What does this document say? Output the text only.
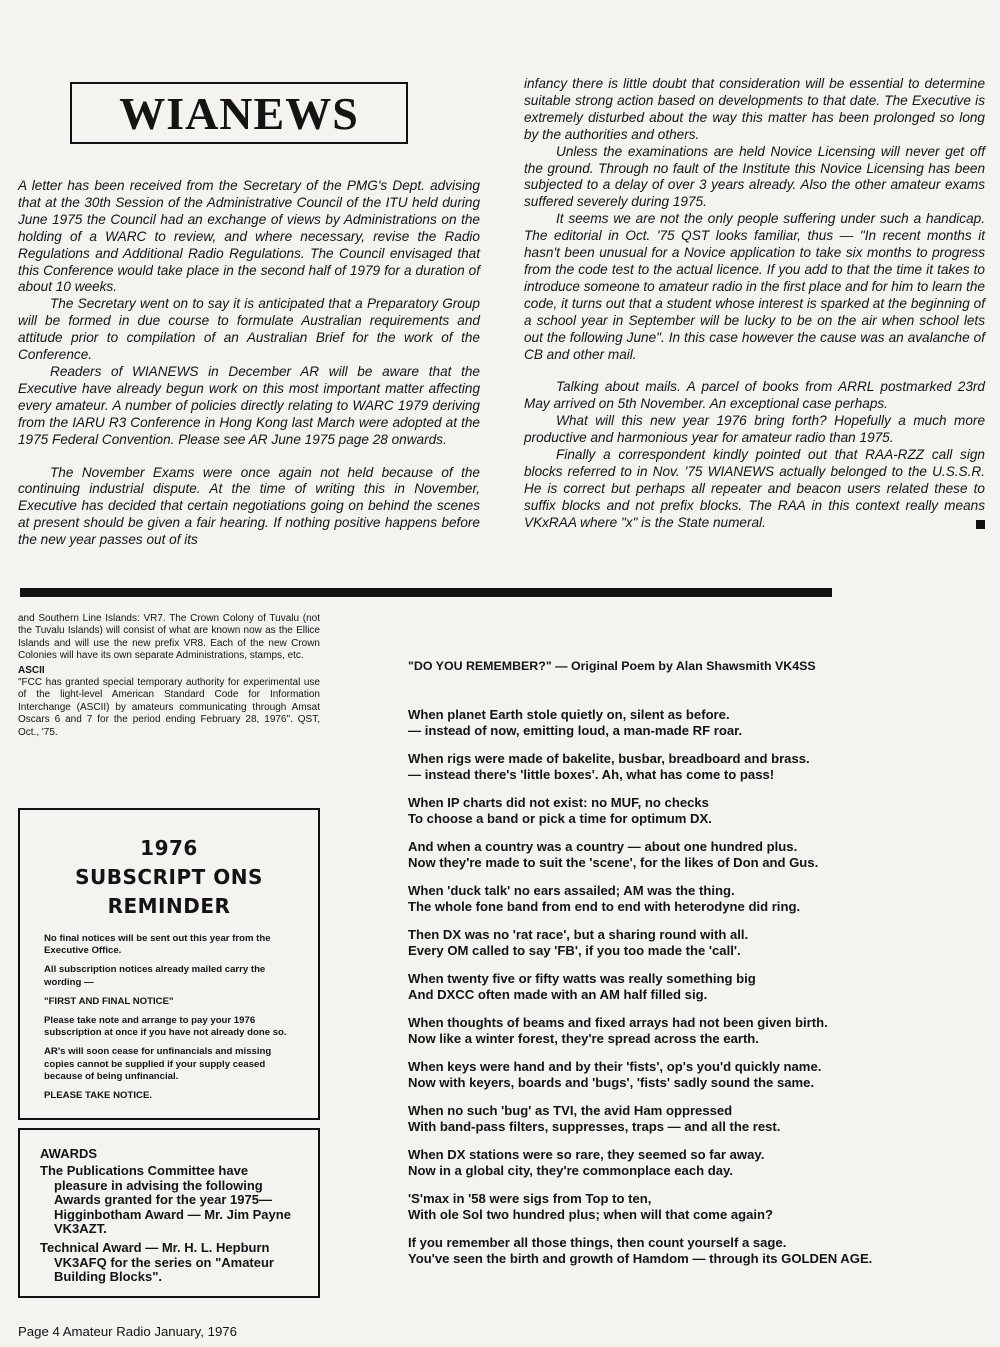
WIANEWS

A letter has been received from the Secretary of the PMG's Dept. advising that at the 30th Session of the Administrative Council of the ITU held during June 1975 the Council had an exchange of views by Administrations on the holding of a WARC to review, and where necessary, revise the Radio Regulations and Additional Radio Regulations. The Council envisaged that this Conference would take place in the second half of 1979 for a duration of about 10 weeks.

The Secretary went on to say it is anticipated that a Preparatory Group will be formed in due course to formulate Australian requirements and attitude prior to compilation of an Australian Brief for the work of the Conference.

Readers of WIANEWS in December AR will be aware that the Executive have already begun work on this most important matter affecting every amateur. A number of policies directly relating to WARC 1979 deriving from the IARU R3 Conference in Hong Kong last March were adopted at the 1975 Federal Convention. Please see AR June 1975 page 28 onwards.

The November Exams were once again not held because of the continuing industrial dispute. At the time of writing this in November, Executive has decided that certain negotiations going on behind the scenes at present should be given a fair hearing. If nothing positive happens before the new year passes out of its

infancy there is little doubt that consideration will be essential to determine suitable strong action based on developments to that date. The Executive is extremely disturbed about the way this matter has been prolonged so long by the authorities and others.

Unless the examinations are held Novice Licensing will never get off the ground. Through no fault of the Institute this Novice Licensing has been subjected to a delay of over 3 years already. Also the other amateur exams suffered severely during 1975.

It seems we are not the only people suffering under such a handicap. The editorial in Oct. '75 QST looks familiar, thus — "In recent months it hasn't been unusual for a Novice application to take six months to progress from the code test to the actual licence. If you add to that the time it takes to introduce someone to amateur radio in the first place and for him to learn the code, it turns out that a student whose interest is sparked at the beginning of a school year in September will be lucky to be on the air when school lets out the following June". In this case however the cause was an avalanche of CB and other mail.

Talking about mails. A parcel of books from ARRL postmarked 23rd May arrived on 5th November. An exceptional case perhaps.

What will this new year 1976 bring forth? Hopefully a much more productive and harmonious year for amateur radio than 1975.

Finally a correspondent kindly pointed out that RAA-RZZ call sign blocks referred to in Nov. '75 WIANEWS actually belonged to the U.S.S.R. He is correct but perhaps all repeater and beacon users related these to suffix blocks and not prefix blocks. The RAA in this context really means VKxRAA where "x" is the State numeral.

and Southern Line Islands: VR7. The Crown Colony of Tuvalu (not the Tuvalu Islands) will consist of what are known now as the Ellice Islands and will use the new prefix VR8. Each of the new Crown Colonies will have its own separate Administrations, stamps, etc.

ASCII

"FCC has granted special temporary authority for experimental use of the light-level American Standard Code for Information Interchange (ASCII) by amateurs communicating through Amsat Oscars 6 and 7 for the period ending February 28, 1976". QST, Oct., '75.

1976
SUBSCRIPT ONS
REMINDER

No final notices will be sent out this year from the Executive Office.

All subscription notices already mailed carry the wording —

"FIRST AND FINAL NOTICE"

Please take note and arrange to pay your 1976 subscription at once if you have not already done so.

AR's will soon cease for unfinancials and missing copies cannot be supplied if your supply ceased because of being unfinancial.

PLEASE TAKE NOTICE.

AWARDS

The Publications Committee have pleasure in advising the following Awards granted for the year 1975— Higginbotham Award — Mr. Jim Payne VK3AZT.

Technical Award — Mr. H. L. Hepburn VK3AFQ for the series on "Amateur Building Blocks".

"DO YOU REMEMBER?" — Original Poem by Alan Shawsmith VK4SS
When planet Earth stole quietly on, silent as before.
— instead of now, emitting loud, a man-made RF roar.
When rigs were made of bakelite, busbar, breadboard and brass.
— instead there's 'little boxes'. Ah, what has come to pass!
When IP charts did not exist: no MUF, no checks
To choose a band or pick a time for optimum DX.
And when a country was a country — about one hundred plus.
Now they're made to suit the 'scene', for the likes of Don and Gus.
When 'duck talk' no ears assailed; AM was the thing.
The whole fone band from end to end with heterodyne did ring.
Then DX was no 'rat race', but a sharing round with all.
Every OM called to say 'FB', if you too made the 'call'.
When twenty five or fifty watts was really something big
And DXCC often made with an AM half filled sig.
When thoughts of beams and fixed arrays had not been given birth.
Now like a winter forest, they're spread across the earth.
When keys were hand and by their 'fists', op's you'd quickly name.
Now with keyers, boards and 'bugs', 'fists' sadly sound the same.
When no such 'bug' as TVI, the avid Ham oppressed
With band-pass filters, suppresses, traps — and all the rest.
When DX stations were so rare, they seemed so far away.
Now in a global city, they're commonplace each day.
'S'max in '58 were sigs from Top to ten,
With ole Sol two hundred plus; when will that come again?
If you remember all those things, then count yourself a sage.
You've seen the birth and growth of Hamdom — through its GOLDEN AGE.
Page 4 Amateur Radio January, 1976
